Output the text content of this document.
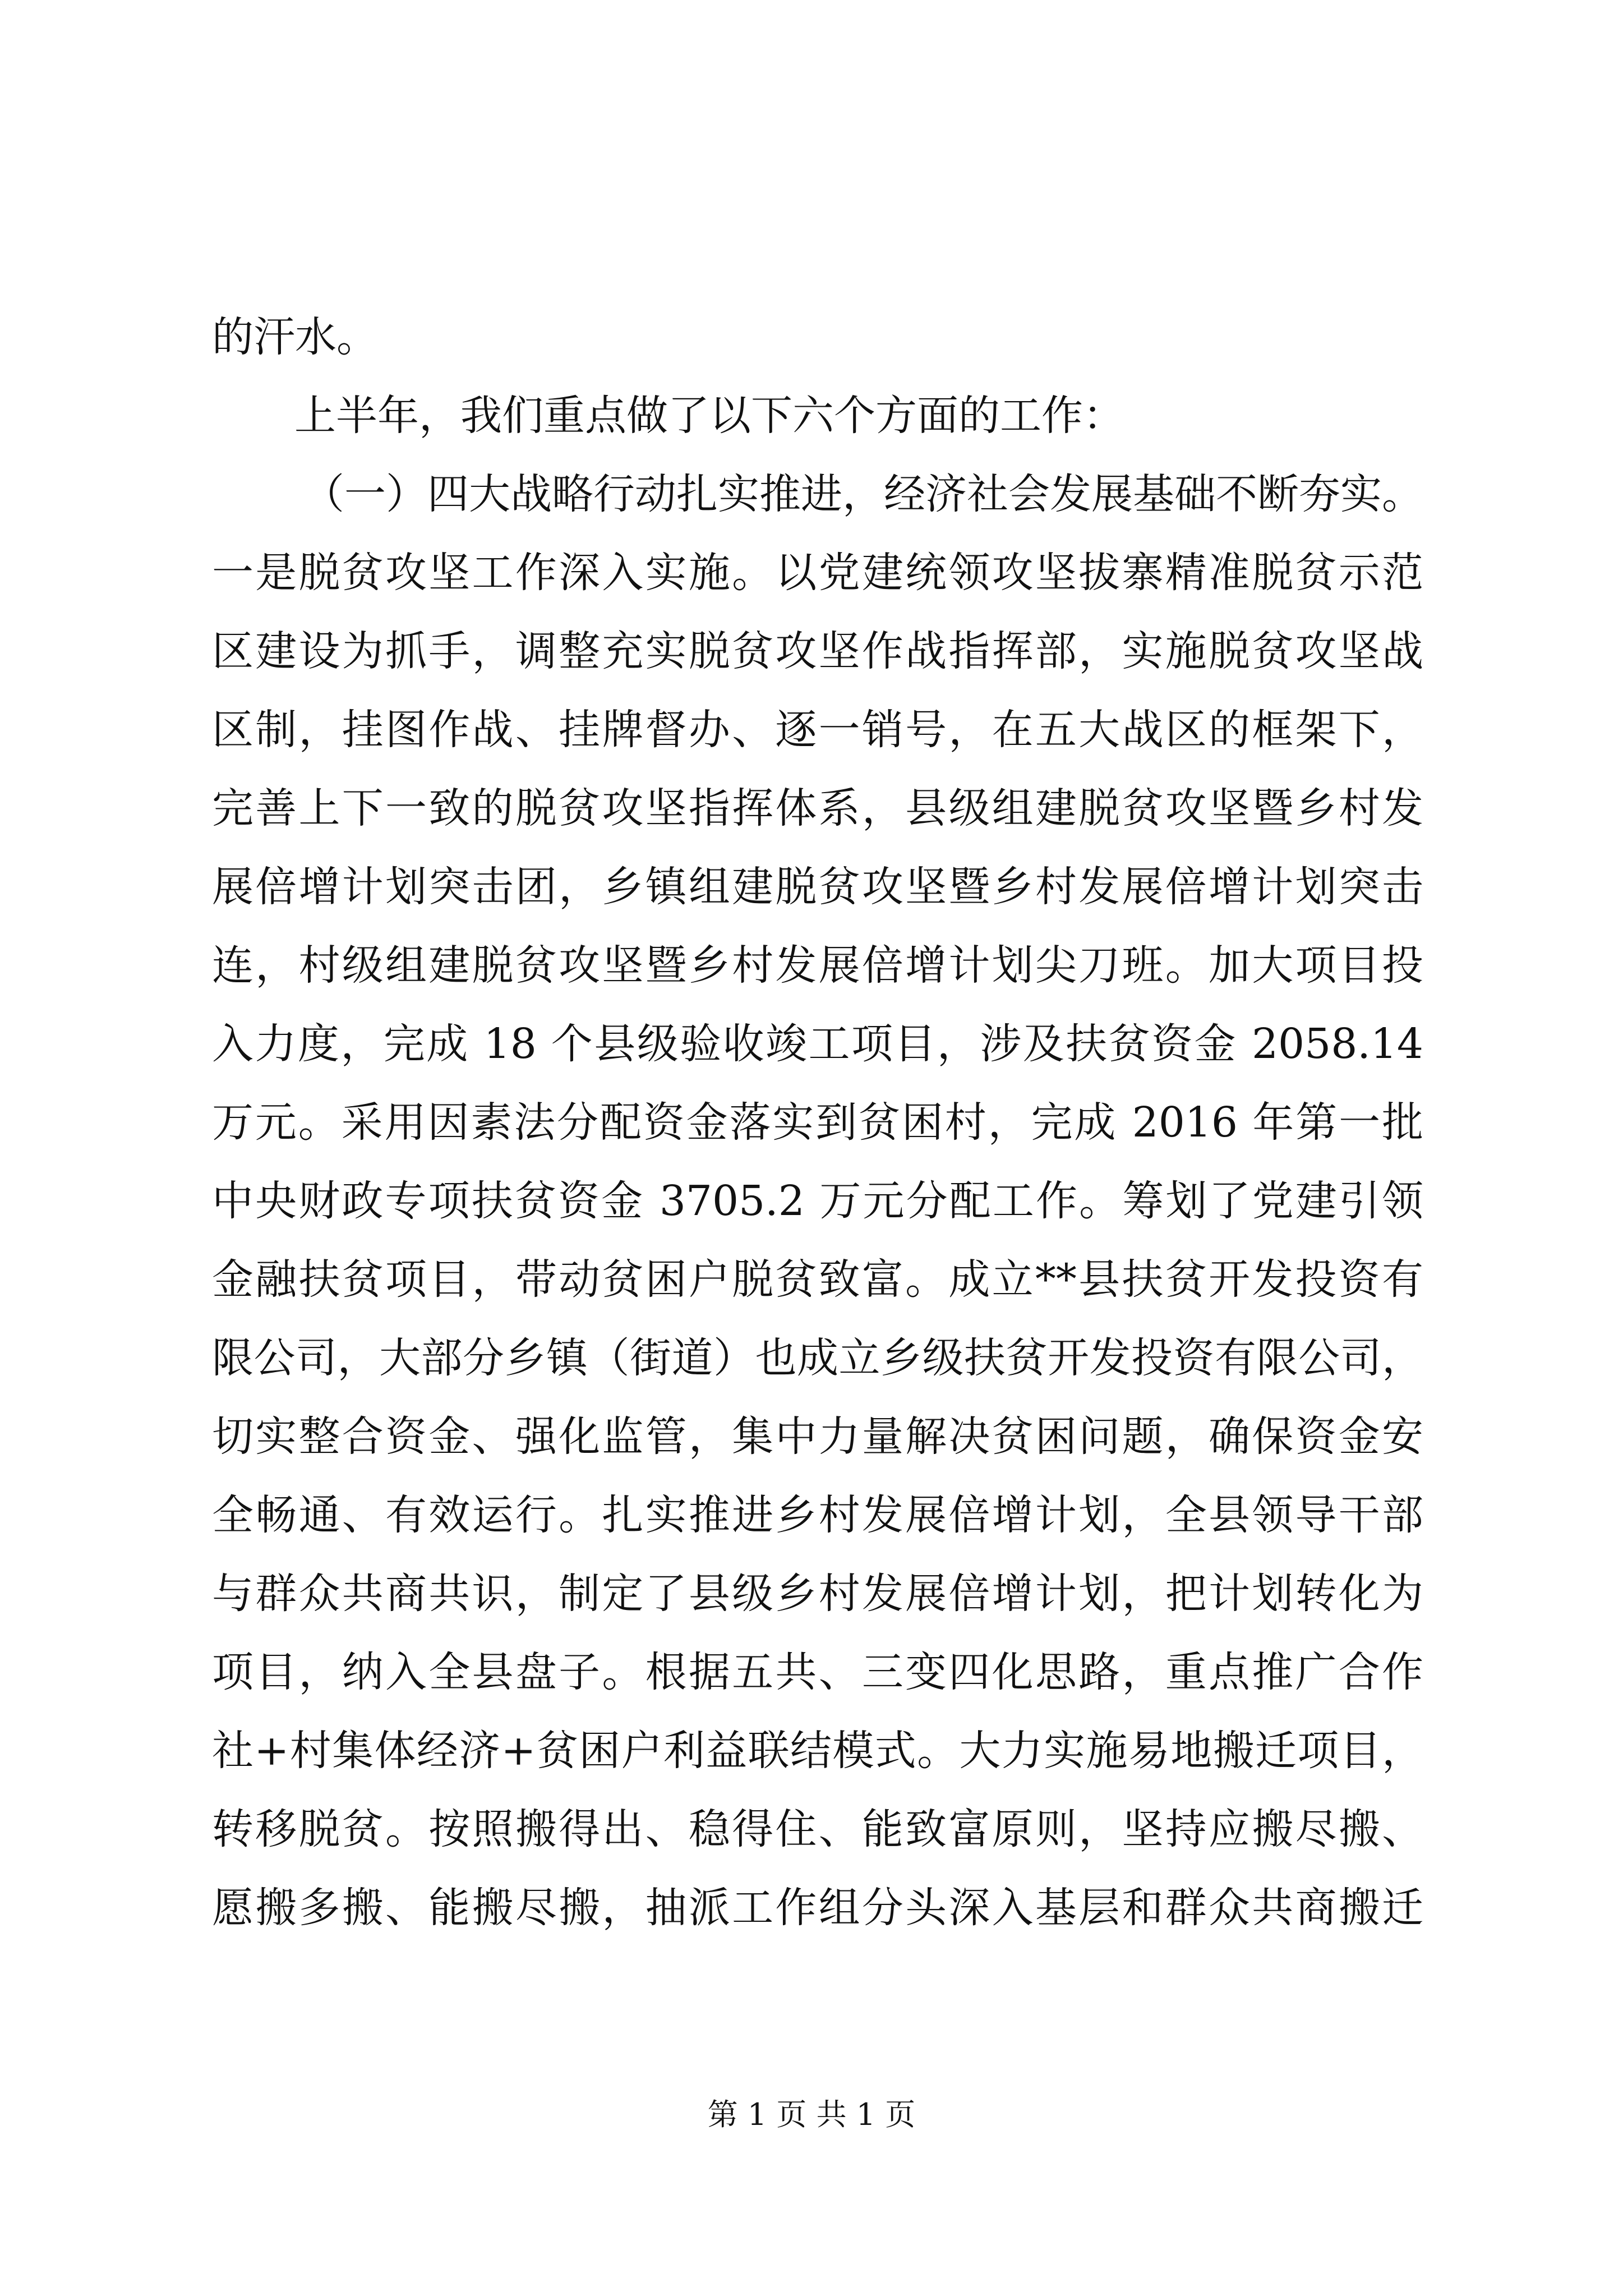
的汗水。
上半年，我们重点做了以下六个方面的工作：
（一）四大战略行动扎实推进，经济社会发展基础不断夯实。
一是脱贫攻坚工作深入实施。以党建统领攻坚拔寨精准脱贫示范
区建设为抓手，调整充实脱贫攻坚作战指挥部，实施脱贫攻坚战
区制，挂图作战、挂牌督办、逐一销号，在五大战区的框架下，
完善上下一致的脱贫攻坚指挥体系，县级组建脱贫攻坚暨乡村发
展倍增计划突击团，乡镇组建脱贫攻坚暨乡村发展倍增计划突击
连，村级组建脱贫攻坚暨乡村发展倍增计划尖刀班。加大项目投
入力度，完成 18 个县级验收竣工项目，涉及扶贫资金 2058.14
万元。采用因素法分配资金落实到贫困村，完成 2016 年第一批
中央财政专项扶贫资金 3705.2 万元分配工作。筹划了党建引领
金融扶贫项目，带动贫困户脱贫致富。成立**县扶贫开发投资有
限公司，大部分乡镇（街道）也成立乡级扶贫开发投资有限公司，
切实整合资金、强化监管，集中力量解决贫困问题，确保资金安
全畅通、有效运行。扎实推进乡村发展倍增计划，全县领导干部
与群众共商共识，制定了县级乡村发展倍增计划，把计划转化为
项目，纳入全县盘子。根据五共、三变四化思路，重点推广合作
社+村集体经济+贫困户利益联结模式。大力实施易地搬迁项目，
转移脱贫。按照搬得出、稳得住、能致富原则，坚持应搬尽搬、
愿搬多搬、能搬尽搬，抽派工作组分头深入基层和群众共商搬迁
第 1 页 共 1 页
